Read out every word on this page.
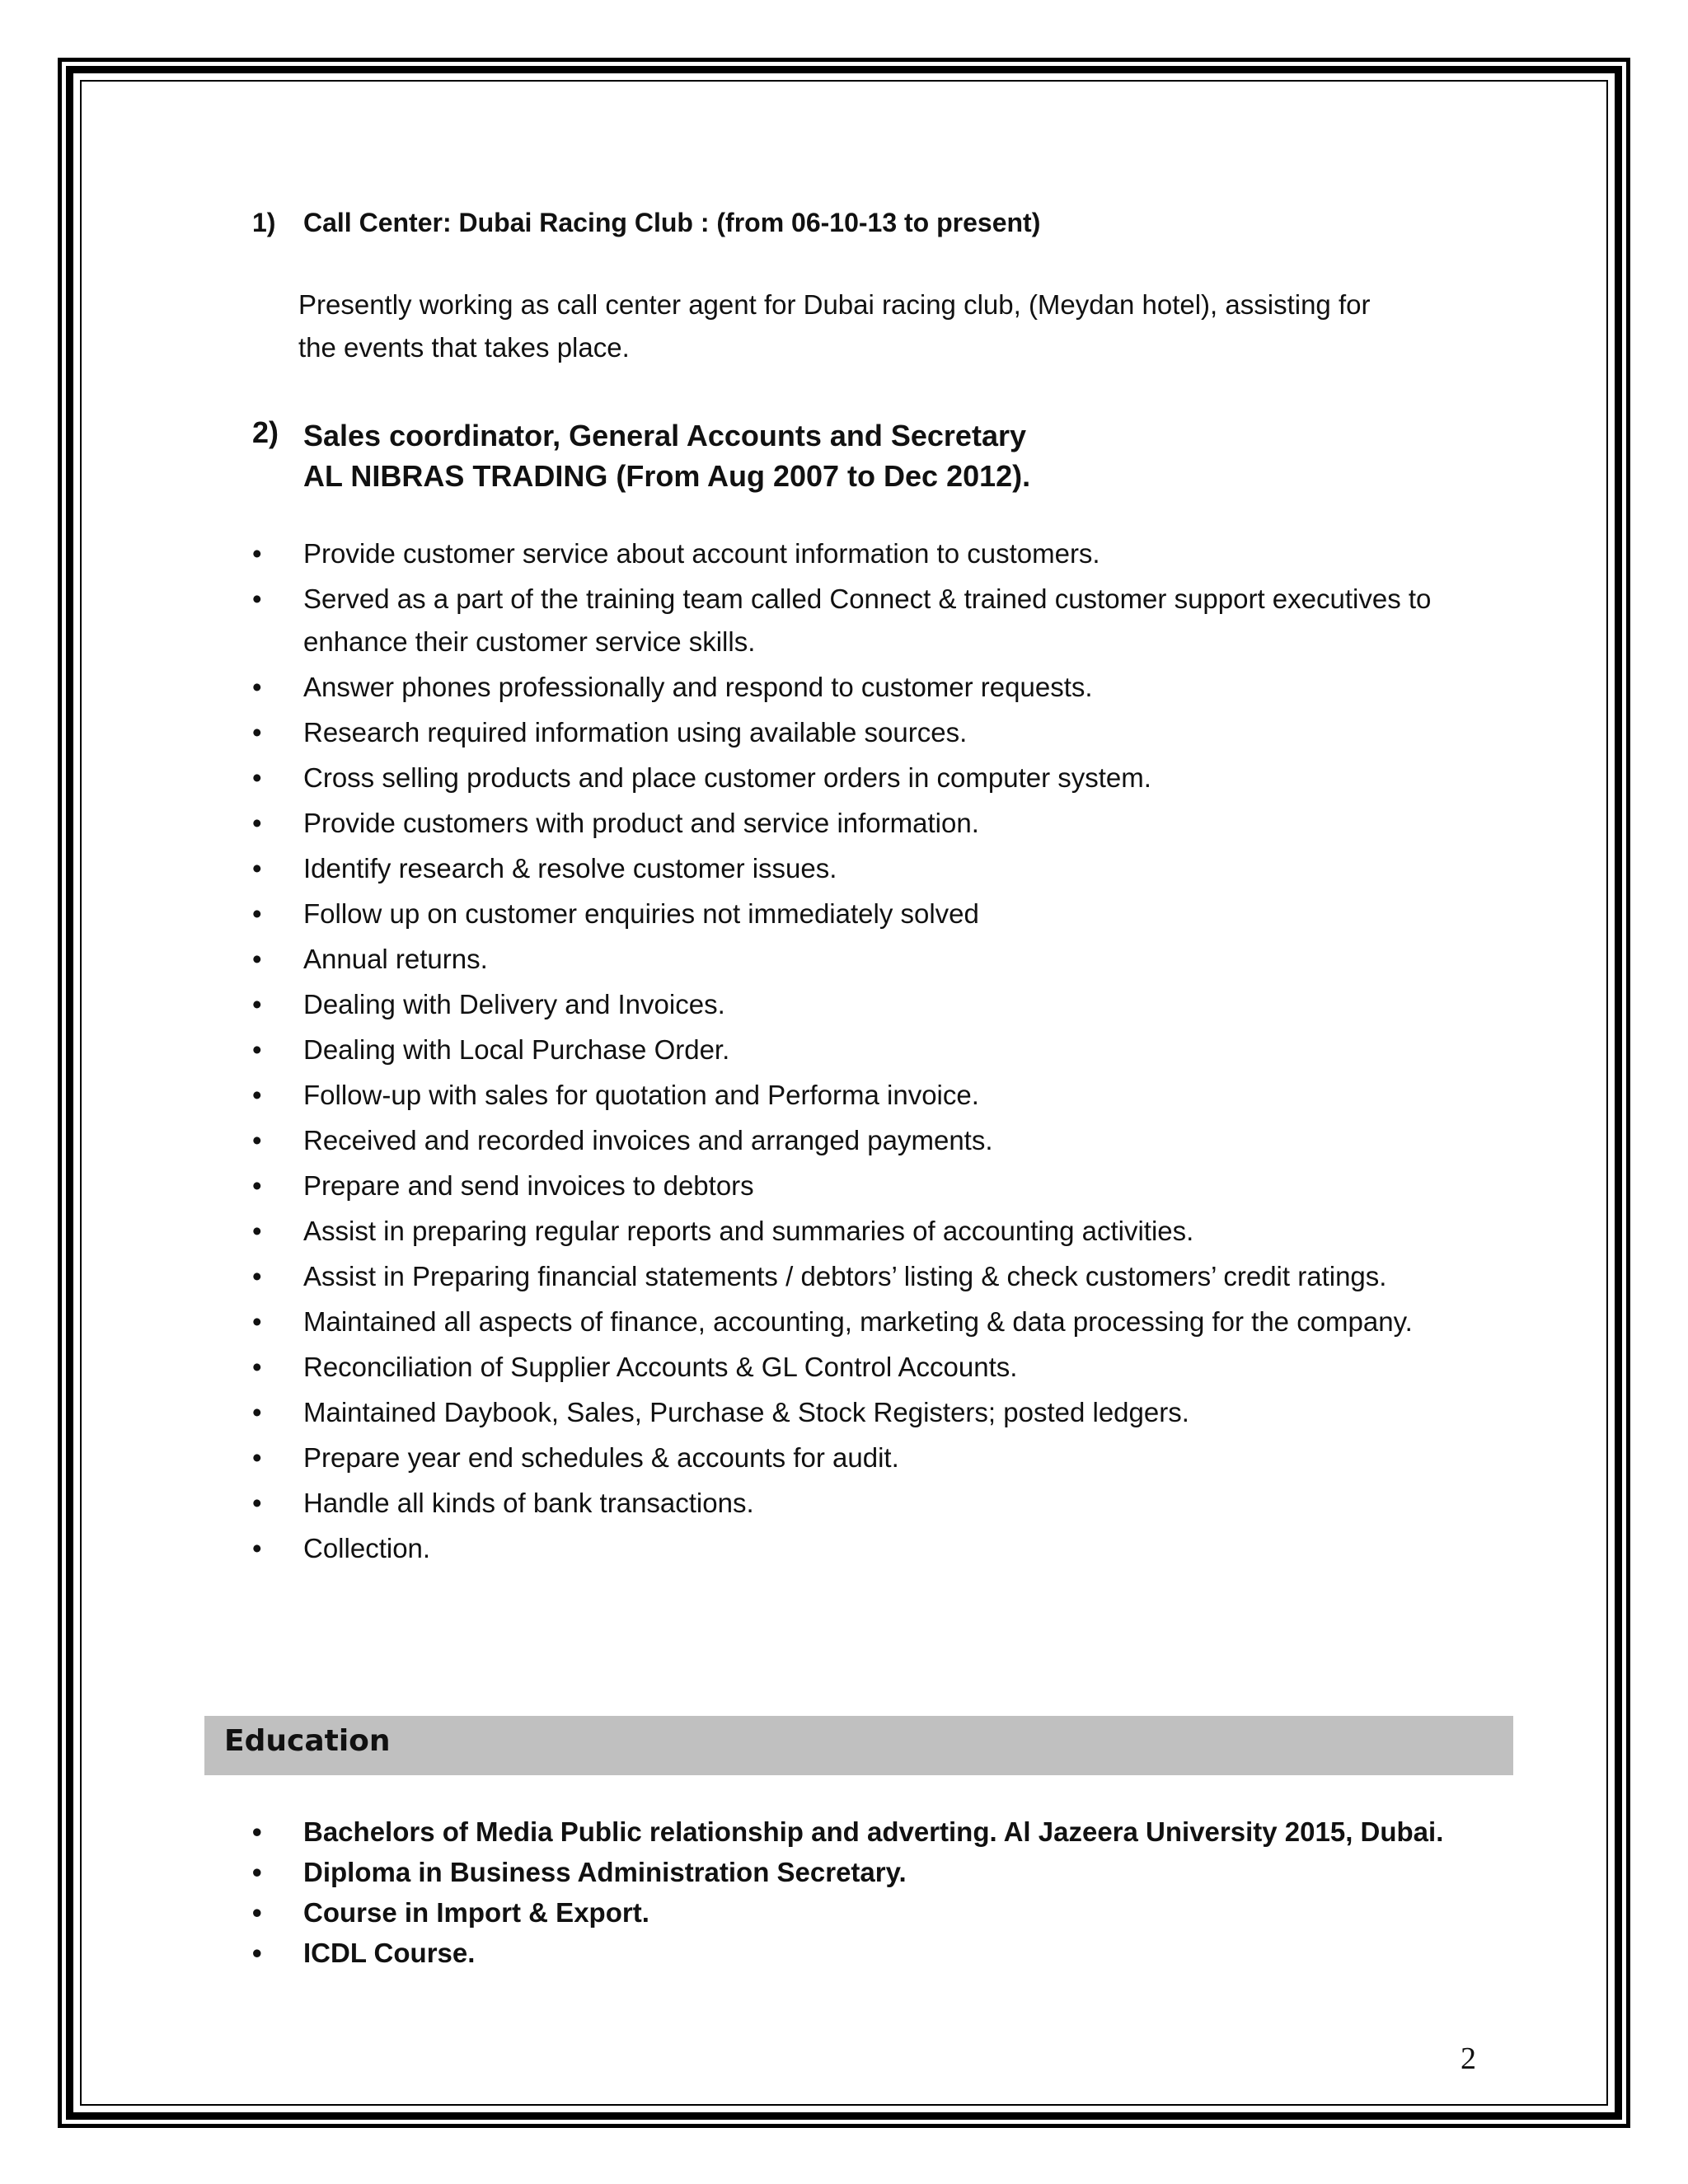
1) Call Center: Dubai Racing Club : (from 06-10-13 to present)
Presently working as call center agent for Dubai racing club, (Meydan hotel), assisting for
the events that takes place.
2) Sales coordinator, General Accounts and Secretary
AL NIBRAS TRADING (From Aug 2007 to Dec 2012).
• Provide customer service about account information to customers.
• Served as a part of the training team called Connect & trained customer support executives to enhance their customer service skills.
• Answer phones professionally and respond to customer requests.
• Research required information using available sources.
• Cross selling products and place customer orders in computer system.
• Provide customers with product and service information.
• Identify research & resolve customer issues.
• Follow up on customer enquiries not immediately solved
• Annual returns.
• Dealing with Delivery and Invoices.
• Dealing with Local Purchase Order.
• Follow-up with sales for quotation and Performa invoice.
• Received and recorded invoices and arranged payments.
• Prepare and send invoices to debtors
• Assist in preparing regular reports and summaries of accounting activities.
• Assist in Preparing financial statements / debtors’ listing & check customers’ credit ratings.
• Maintained all aspects of finance, accounting, marketing & data processing for the company.
• Reconciliation of Supplier Accounts & GL Control Accounts.
• Maintained Daybook, Sales, Purchase & Stock Registers; posted ledgers.
• Prepare year end schedules & accounts for audit.
• Handle all kinds of bank transactions.
• Collection.
Education
• Bachelors of Media Public relationship and adverting. Al Jazeera University 2015, Dubai.
• Diploma in Business Administration Secretary.
• Course in Import & Export.
• ICDL Course.
2
